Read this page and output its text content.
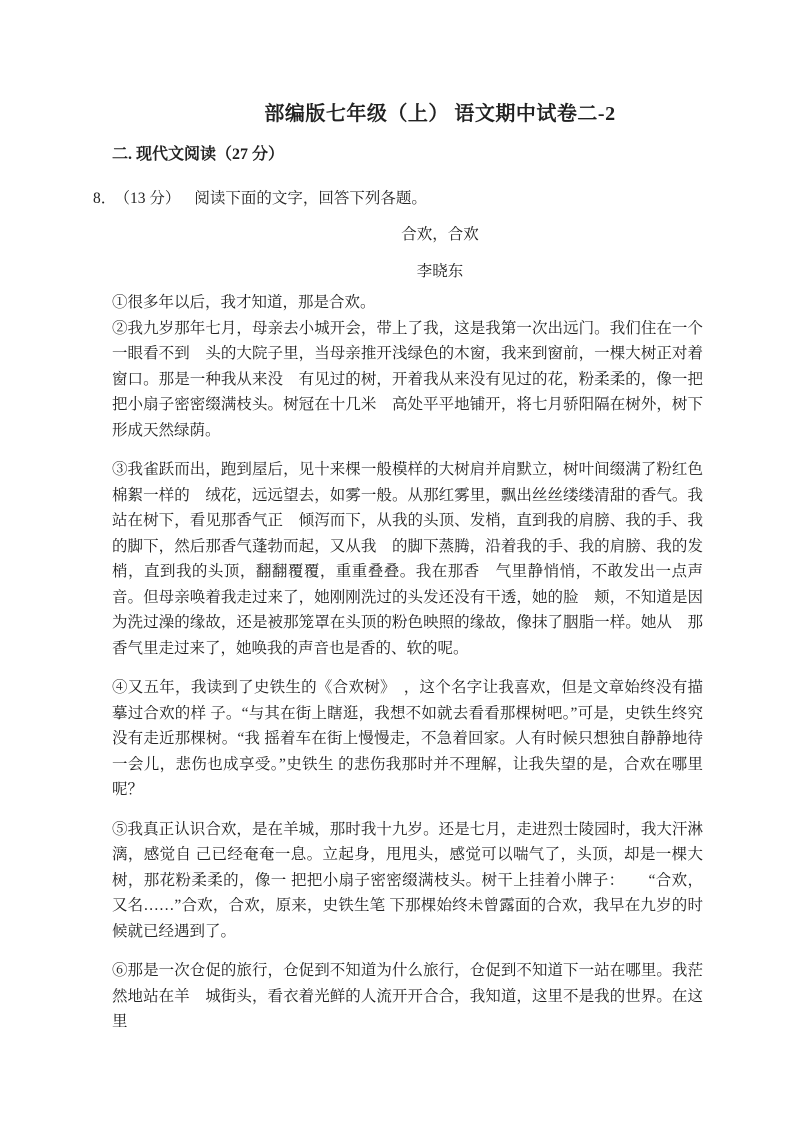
部编版七年级（上） 语文期中试卷二-2
二. 现代文阅读（27 分）
8． （13 分） 阅读下面的文字，回答下列各题。
合欢，合欢
李晓东

①很多年以后，我才知道，那是合欢。

②我九岁那年七月，母亲去小城开会，带上了我，这是我第一次出远门。我们住在一个一眼看不到　头的大院子里，当母亲推开浅绿色的木窗，我来到窗前，一棵大树正对着窗口。那是一种我从来没　有见过的树，开着我从来没有见过的花，粉柔柔的，像一把把小扇子密密缀满枝头。树冠在十几米　高处平平地铺开，将七月骄阳隔在树外，树下形成天然绿荫。

③我雀跃而出，跑到屋后，见十来棵一般模样的大树肩并肩默立，树叶间缀满了粉红色棉絮一样的　绒花，远远望去，如雾一般。从那红雾里，飘出丝丝缕缕清甜的香气。我站在树下，看见那香气正　倾泻而下，从我的头顶、发梢，直到我的肩膀、我的手、我的脚下，然后那香气蓬勃而起，又从我　的脚下蒸腾，沿着我的手、我的肩膀、我的发梢，直到我的头顶，翻翻覆覆，重重叠叠。我在那香　气里静悄悄，不敢发出一点声音。但母亲唤着我走过来了，她刚刚洗过的头发还没有干透，她的脸　颊，不知道是因为洗过澡的缘故，还是被那笼罩在头顶的粉色映照的缘故，像抹了胭脂一样。她从　那香气里走过来了，她唤我的声音也是香的、软的呢。

④又五年，我读到了史铁生的《合欢树》　，这个名字让我喜欢，但是文章始终没有描摹过合欢的样 子。“与其在街上瞎逛，我想不如就去看看那棵树吧。”可是，史铁生终究没有走近那棵树。“我 摇着车在街上慢慢走，不急着回家。人有时候只想独自静静地待一会儿，悲伤也成享受。”史铁生 的悲伤我那时并不理解，让我失望的是，合欢在哪里呢？

⑤我真正认识合欢，是在羊城，那时我十九岁。还是七月，走进烈士陵园时，我大汗淋漓，感觉自 己已经奄奄一息。立起身，甩甩头，感觉可以喘气了，头顶，却是一棵大树，那花粉柔柔的，像一 把把小扇子密密缀满枝头。树干上挂着小牌子：　　“合欢，又名……”合欢，合欢，原来，史铁生笔 下那棵始终未曾露面的合欢，我早在九岁的时候就已经遇到了。

⑥那是一次仓促的旅行，仓促到不知道为什么旅行，仓促到不知道下一站在哪里。我茫然地站在羊　城街头，看衣着光鲜的人流开开合合，我知道，这里不是我的世界。在这里
